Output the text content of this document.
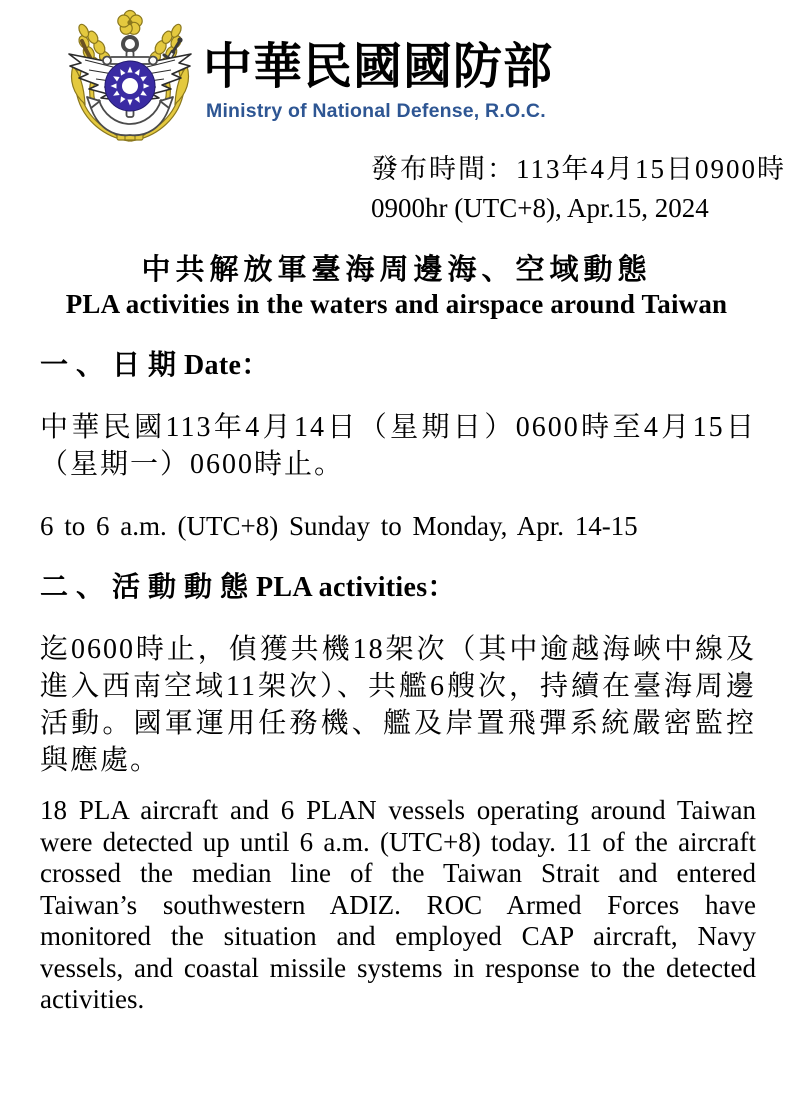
中華民國國防部
Ministry of National Defense, R.O.C.
發布時間：113年4月15日0900時
0900hr (UTC+8), Apr.15, 2024
中共解放軍臺海周邊海、空域動態
PLA activities in the waters and airspace around Taiwan
一、日期Date：

中華民國113年4月14日（星期日）0600時至4月15日（星期一）0600時止。

6 to 6 a.m. (UTC+8) Sunday to Monday, Apr. 14-15

二、活動動態PLA activities：

迄0600時止，偵獲共機18架次（其中逾越海峽中線及進入西南空域11架次）、共艦6艘次，持續在臺海周邊活動。國軍運用任務機、艦及岸置飛彈系統嚴密監控與應處。

18 PLA aircraft and 6 PLAN vessels operating around Taiwan were detected up until 6 a.m. (UTC+8) today. 11 of the aircraft crossed the median line of the Taiwan Strait and entered Taiwan’s southwestern ADIZ. ROC Armed Forces have monitored the situation and employed CAP aircraft, Navy vessels, and coastal missile systems in response to the detected activities.
